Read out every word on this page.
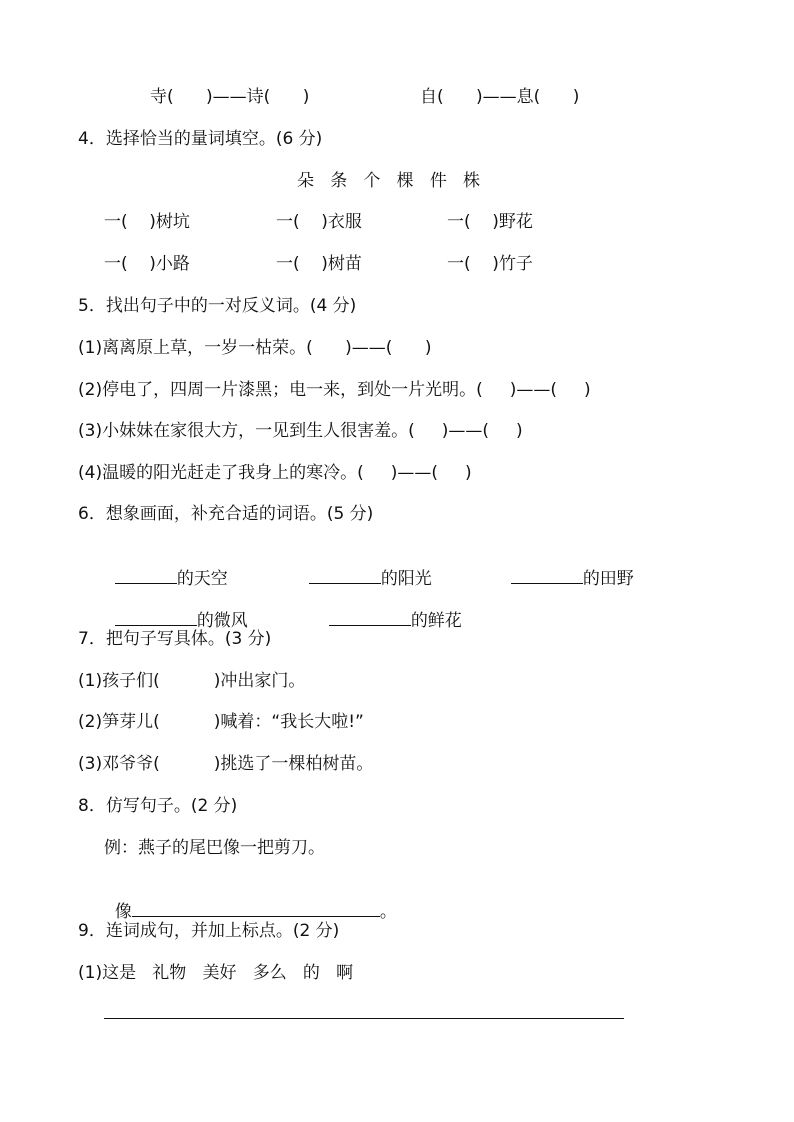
寺(      )——诗(      )	自(      )——息(      )
4．选择恰当的量词填空。(6 分)
朵   条   个   棵   件   株
一(    )树坑	一(    )衣服	一(    )野花
一(    )小路	一(    )树苗	一(    )竹子
5．找出句子中的一对反义词。(4 分)
(1)离离原上草，一岁一枯荣。(      )——(      )
(2)停电了，四周一片漆黑；电一来，到处一片光明。(     )——(     )
(3)小妹妹在家很大方，一见到生人很害羞。(     )——(     )
(4)温暖的阳光赶走了我身上的寒冷。(     )——(     )
6．想象画面，补充合适的词语。(5 分)

的天空	的阳光	的田野

的微风	的鲜花

7．把句子写具体。(3 分)
(1)孩子们(          )冲出家门。
(2)笋芽儿(          )喊着：“我长大啦!”
(3)邓爷爷(          )挑选了一棵柏树苗。
8．仿写句子。(2 分)
例：燕子的尾巴像一把剪刀。

像	。

9．连词成句，并加上标点。(2 分)
(1)这是   礼物   美好   多么   的   啊
